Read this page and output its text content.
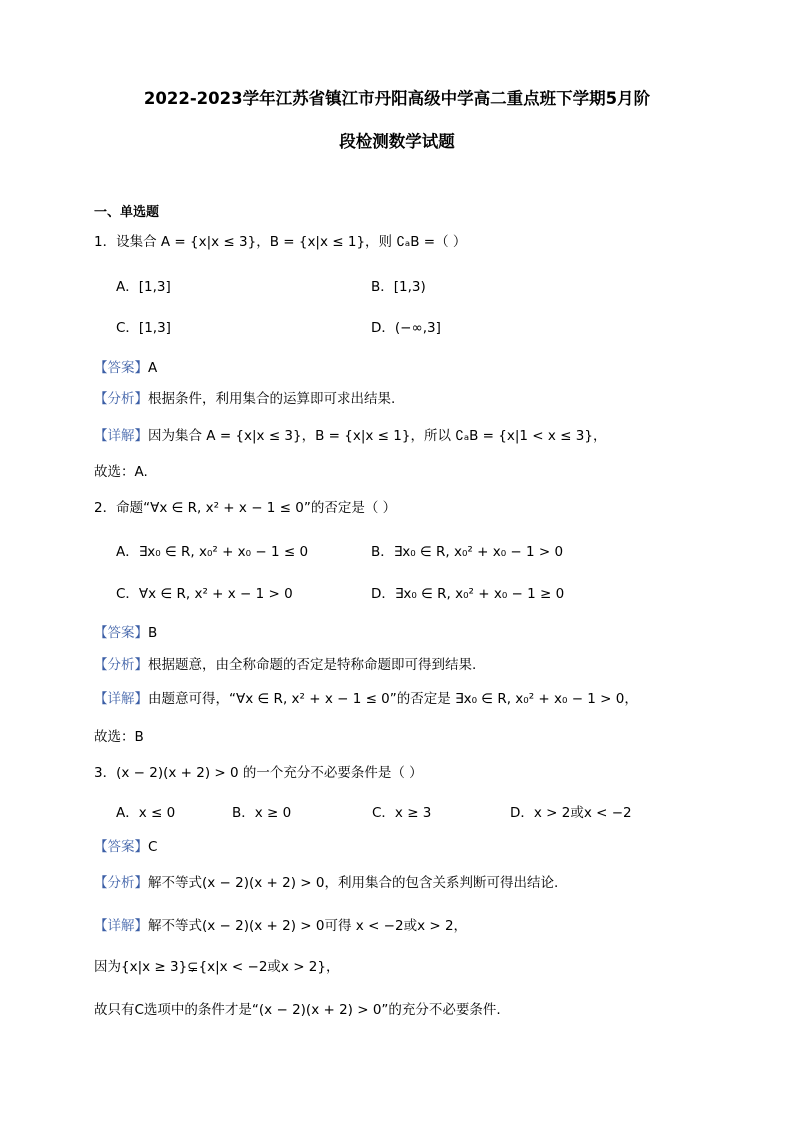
2022-2023学年江苏省镇江市丹阳高级中学高二重点班下学期5月阶
段检测数学试题
一、单选题
1．设集合 A = {x|x ≤ 3}，B = {x|x ≤ 1}，则 ∁ₐB =（ ）
A．[1,3]	B．[1,3)
C．[1,3]	D．(−∞,3]
【答案】A
【分析】根据条件，利用集合的运算即可求出结果.
【详解】因为集合 A = {x|x ≤ 3}，B = {x|x ≤ 1}，所以 ∁ₐB = {x|1 < x ≤ 3}，
故选：A.
2．命题“∀x ∈ R, x² + x − 1 ≤ 0”的否定是（ ）
A．∃x₀ ∈ R, x₀² + x₀ − 1 ≤ 0	B．∃x₀ ∈ R, x₀² + x₀ − 1 > 0
C．∀x ∈ R, x² + x − 1 > 0	D．∃x₀ ∈ R, x₀² + x₀ − 1 ≥ 0
【答案】B
【分析】根据题意，由全称命题的否定是特称命题即可得到结果.
【详解】由题意可得，“∀x ∈ R, x² + x − 1 ≤ 0”的否定是 ∃x₀ ∈ R, x₀² + x₀ − 1 > 0，
故选：B
3．(x − 2)(x + 2) > 0 的一个充分不必要条件是（ ）
A．x ≤ 0	B．x ≥ 0	C．x ≥ 3	D．x > 2或x < −2
【答案】C
【分析】解不等式(x − 2)(x + 2) > 0，利用集合的包含关系判断可得出结论.
【详解】解不等式(x − 2)(x + 2) > 0可得 x < −2或x > 2，
因为{x|x ≥ 3}⊊{x|x < −2或x > 2}，
故只有C选项中的条件才是“(x − 2)(x + 2) > 0”的充分不必要条件.
